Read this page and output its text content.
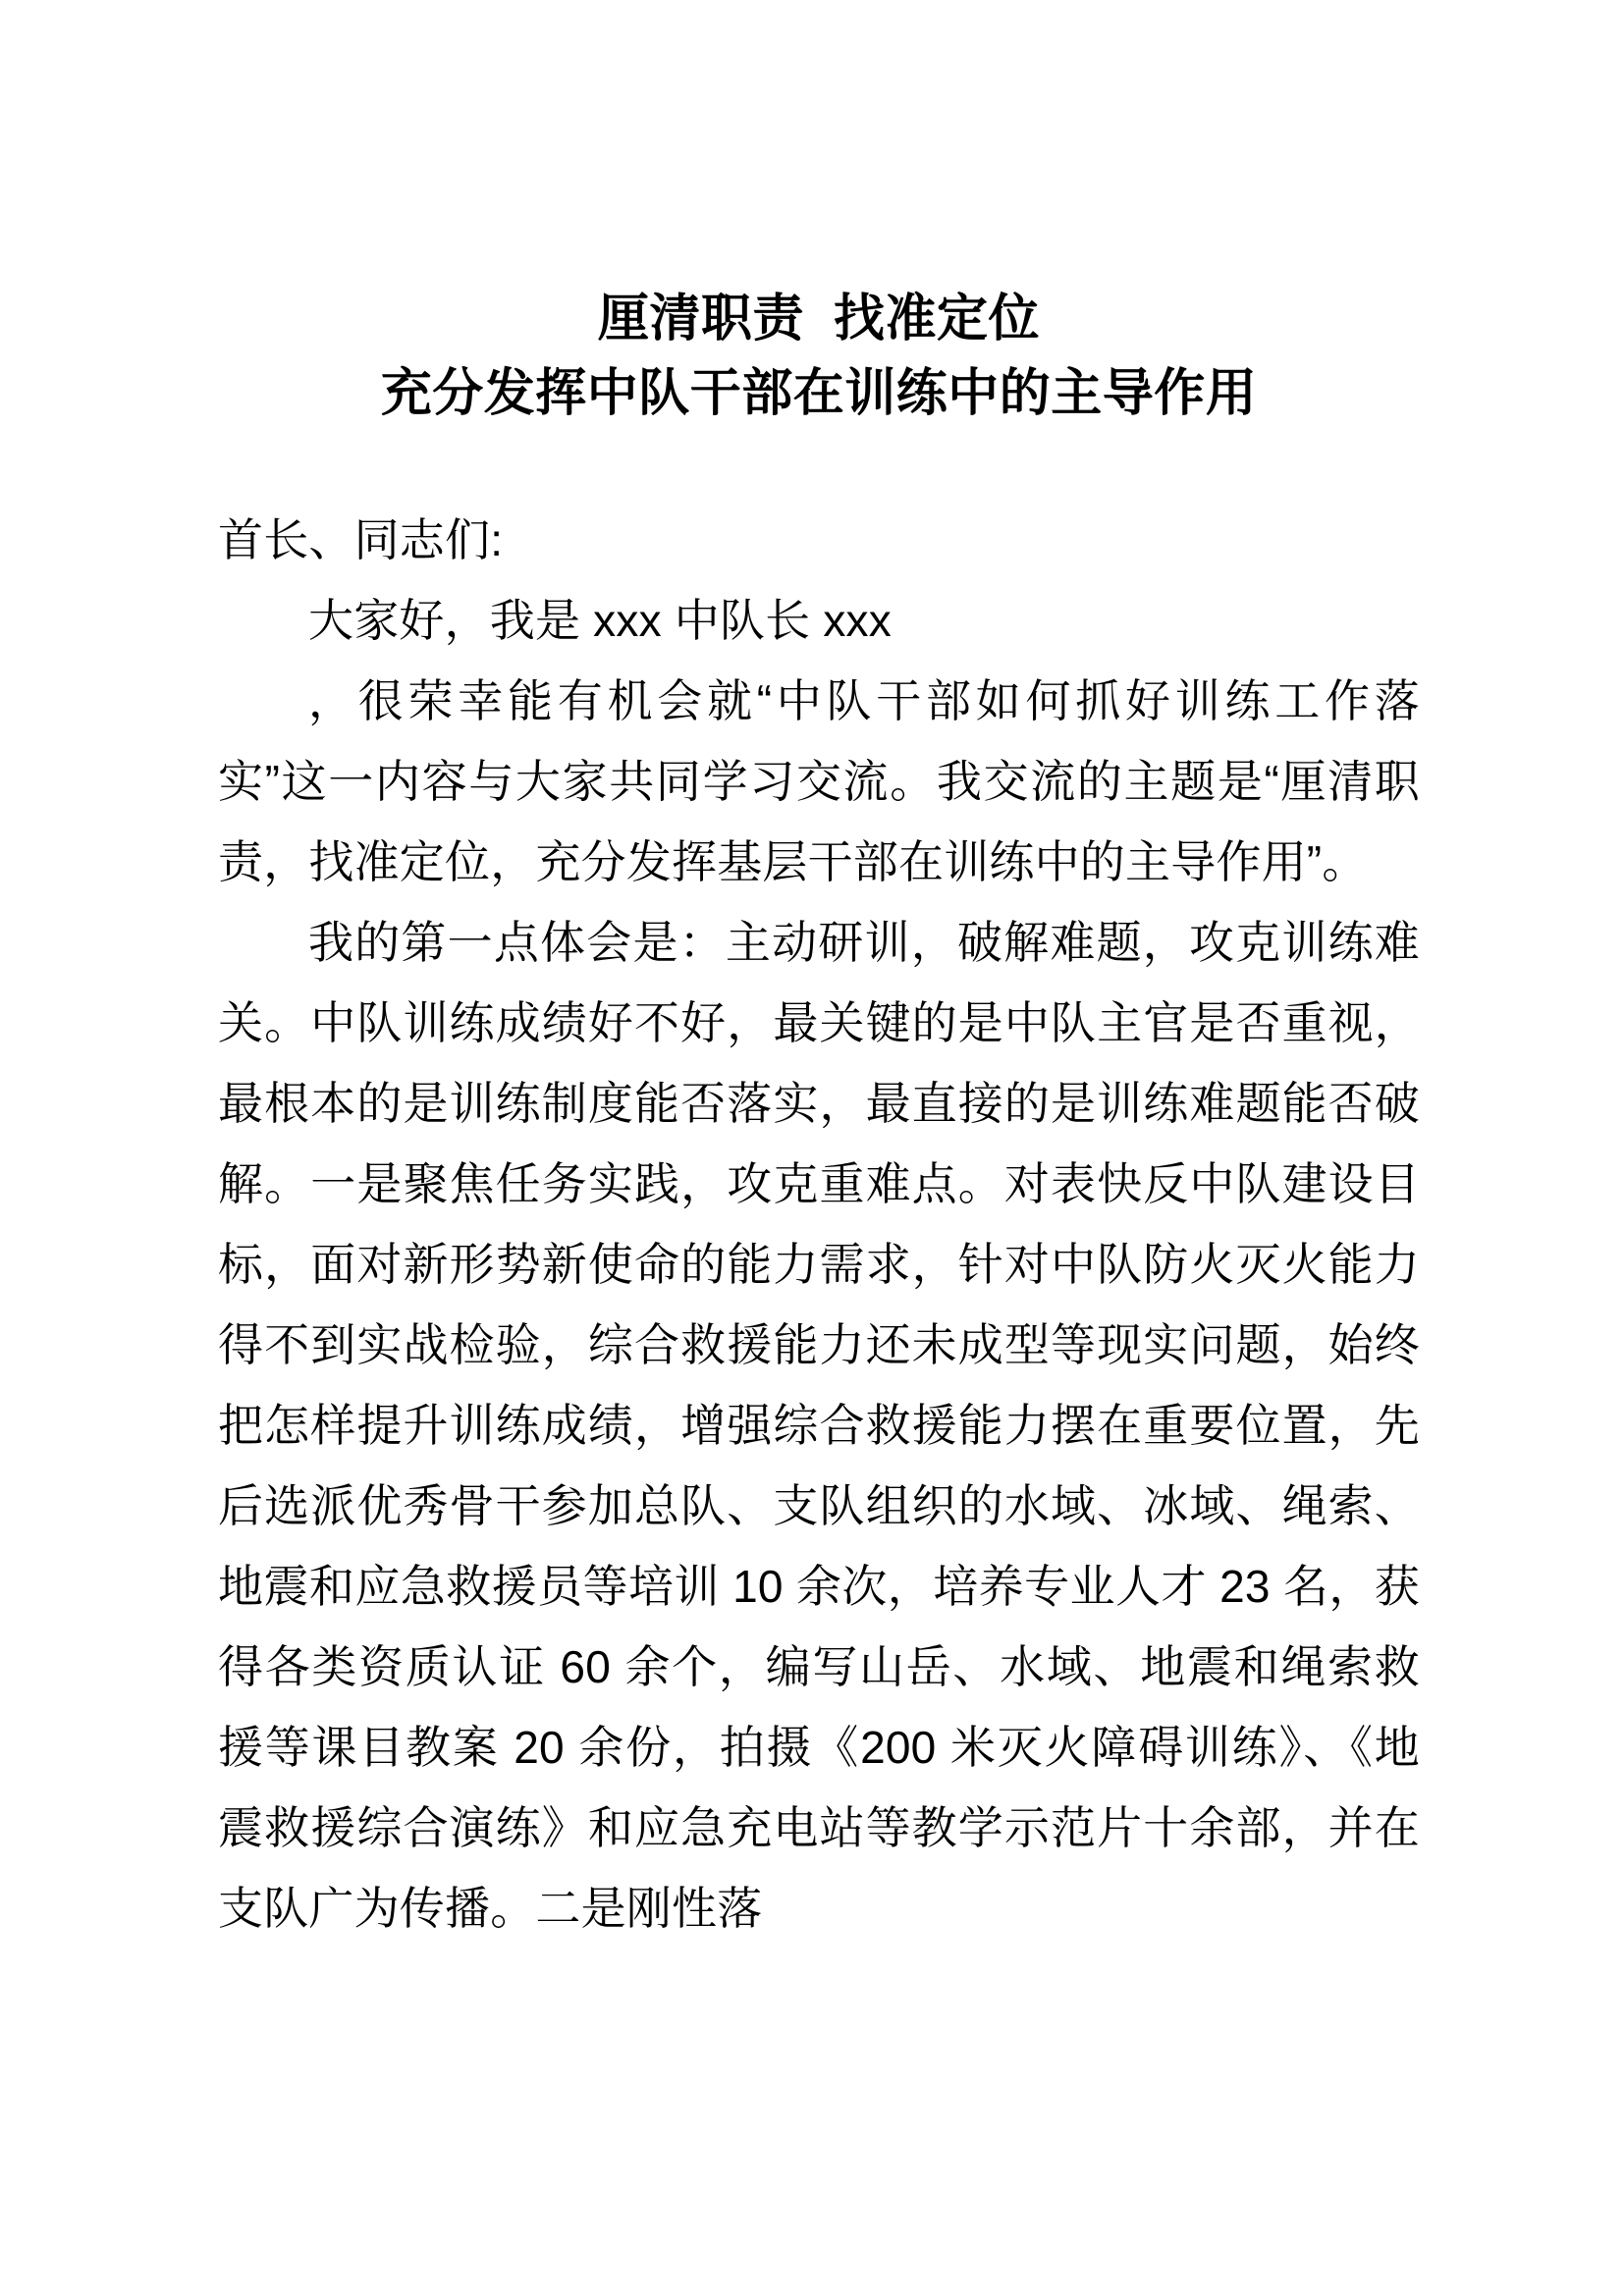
厘清职责  找准定位
充分发挥中队干部在训练中的主导作用

首长、同志们:

大家好，我是 xxx 中队长 xxx

，很荣幸能有机会就“中队干部如何抓好训练工作落实”这一内容与大家共同学习交流。我交流的主题是“厘清职责，找准定位，充分发挥基层干部在训练中的主导作用”。

我的第一点体会是：主动研训，破解难题，攻克训练难关。中队训练成绩好不好，最关键的是中队主官是否重视，最根本的是训练制度能否落实，最直接的是训练难题能否破解。一是聚焦任务实践，攻克重难点。对表快反中队建设目标，面对新形势新使命的能力需求，针对中队防火灭火能力得不到实战检验，综合救援能力还未成型等现实问题，始终把怎样提升训练成绩，增强综合救援能力摆在重要位置，先后选派优秀骨干参加总队、支队组织的水域、冰域、绳索、地震和应急救援员等培训 10 余次，培养专业人才 23 名，获得各类资质认证 60 余个，编写山岳、水域、地震和绳索救援等课目教案 20 余份，拍摄《200 米灭火障碍训练》、《地震救援综合演练》和应急充电站等教学示范片十余部，并在支队广为传播。二是刚性落
